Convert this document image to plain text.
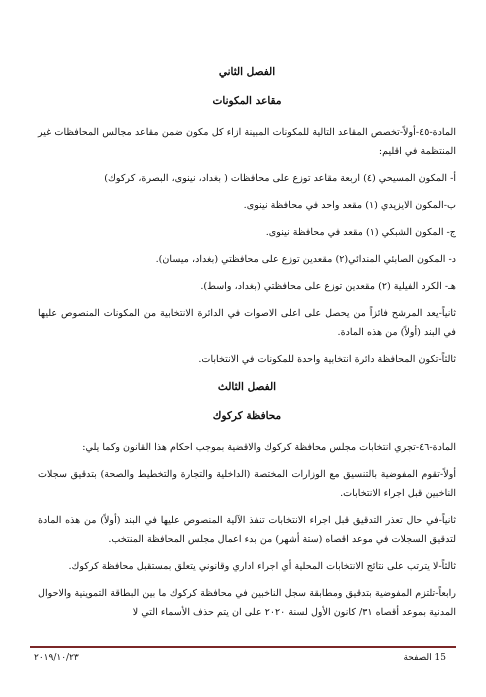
الفصل الثاني
مقاعد المكونات

المادة-٤٥-أولاً-تخصص المقاعد التالية للمكونات المبينة ازاء كل مكون ضمن مقاعد مجالس المحافظات غير المنتظمة في اقليم:

أ- المكون المسيحي (٤) اربعة مقاعد توزع على محافظات ( بغداد، نينوى، البصرة، كركوك)

ب-المكون الايزيدي (١) مقعد واحد في محافظة نينوى.

ج- المكون الشبكي (١) مقعد في محافظة نينوى.

د- المكون الصابئي المندائي(٢) مقعدين توزع على محافظتي (بغداد، ميسان).

هـ- الكرد الفيلية (٢) مقعدين توزع على محافظتي (بغداد، واسط).

ثانياً-يعد المرشح فائزاً من يحصل على اعلى الاصوات في الدائرة الانتخابية من المكونات المنصوص عليها في البند (أولاً) من هذه المادة.

ثالثاً-تكون المحافظة دائرة انتخابية واحدة للمكونات في الانتخابات.

الفصل الثالث
محافظة كركوك

المادة-٤٦-تجري انتخابات مجلس محافظة كركوك والاقضية بموجب احكام هذا القانون وكما يلي:

أولاً-تقوم المفوضية بالتنسيق مع الوزارات المختصة (الداخلية والتجارة والتخطيط والصحة) بتدقيق سجلات الناخبين قبل اجراء الانتخابات.

ثانياً-في حال تعذر التدقيق قبل اجراء الانتخابات تنفذ الآلية المنصوص عليها في البند (أولاً) من هذه المادة لتدقيق السجلات في موعد اقصاه (ستة أشهر) من بدء اعمال مجلس المحافظة المنتخب.

ثالثاً-لا يترتب على نتائج الانتخابات المحلية أي اجراء اداري وقانوني يتعلق بمستقبل محافظة كركوك.

رابعاً-تلتزم المفوضية بتدقيق ومطابقة سجل الناخبين في محافظة كركوك ما بين البطاقة التموينية والاحوال المدنية بموعد أقصاه ٣١/ كانون الأول لسنة ٢٠٢٠ على ان يتم حذف الأسماء التي لا

٢٠١٩/١٠/٢٣	15 الصفحة
